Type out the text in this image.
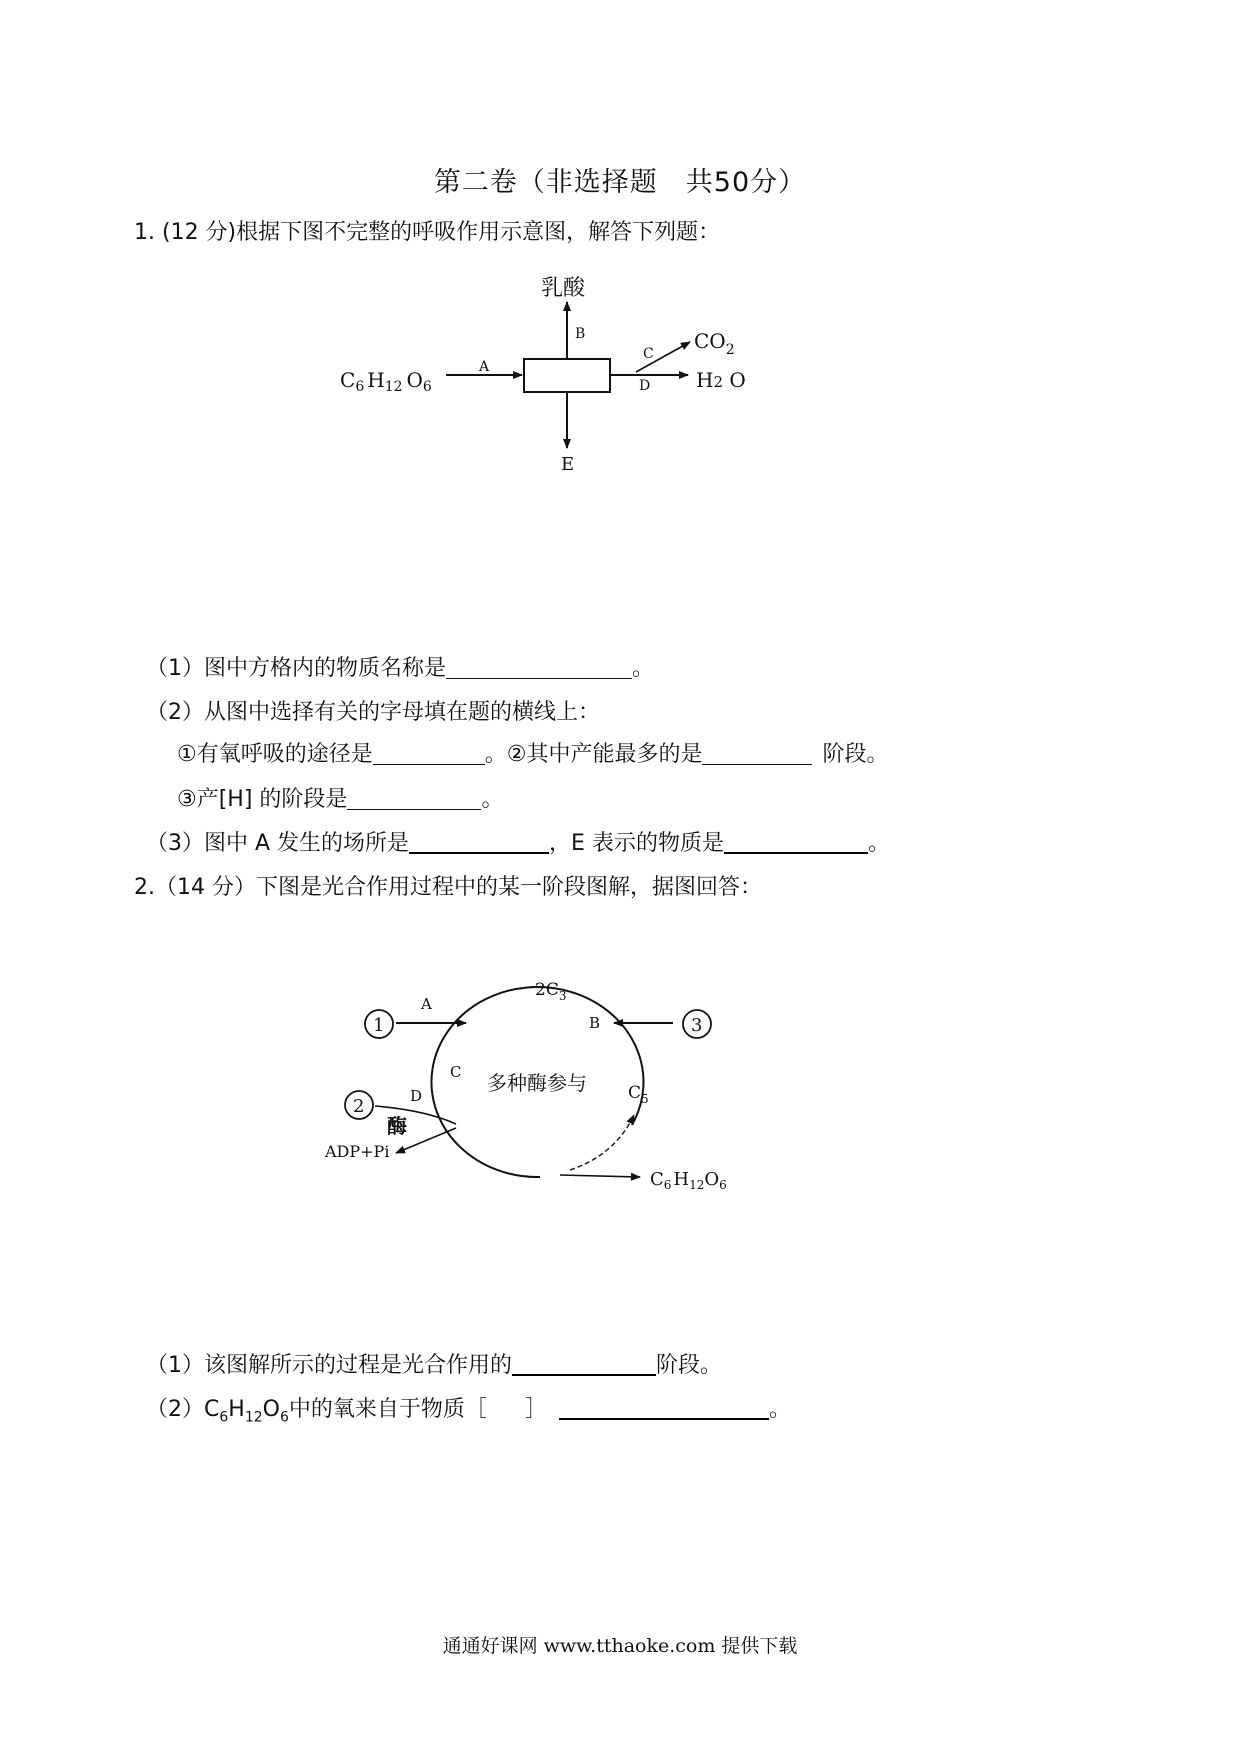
第二卷（非选择题　共50分）
1. (12 分)根据下图不完整的呼吸作用示意图，解答下列题：
乳酸
B
A
C
D
E
$C_6$ $H_{12}$ $O_6$
$CO_2$
H2 O
（1）图中方格内的物质名称是	。
（2）从图中选择有关的字母填在题的横线上：
①有氧呼吸的途径是	。②其中产能最多的是	阶段。
③产[H] 的阶段是	。
（3）图中 A 发生的场所是	，E 表示的物质是	。
2.（14 分）下图是光合作用过程中的某一阶段图解，据图回答：
1
2
3
$2C_3$
A
B
C
D
多种酶参与 $C_5$
酶
ADP+Pi
$C_6$ $H_{12}O_6$
（1）该图解所示的过程是光合作用的	阶段。
$(2)C_6H_{12}O_6$中的氧来自于物质［ ］	。
通通好课网 www.tthaoke.com 提供下载
